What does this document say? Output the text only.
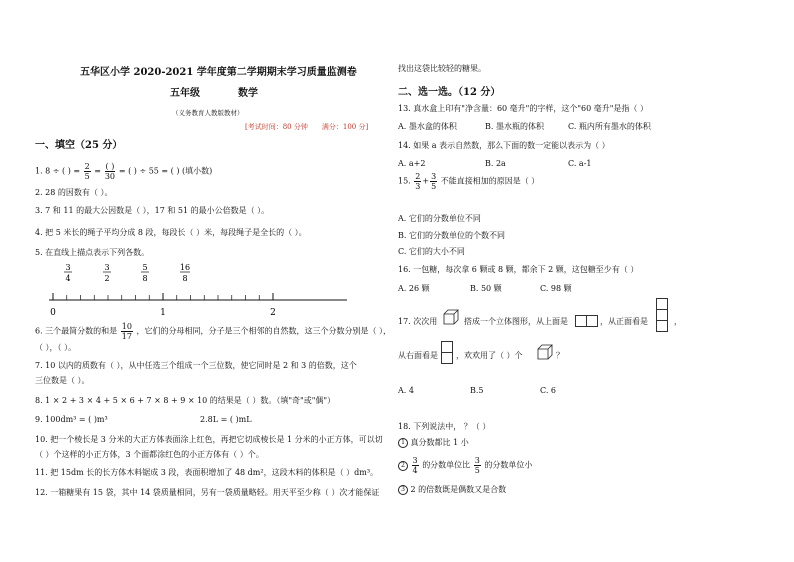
五华区小学 2020-2021 学年度第二学期期末学习质量监测卷
五年级	数学
（义务教育人教版教材）
[考试时间：80 分钟　　满分：100 分]
一、填空（25 分）
1. 8 ÷ ( ) = $\frac{2}{5} = \frac{( )}{30}$ = ( ) ÷ 55 = ( ) (填小数)
2. 28 的因数有（ ）。
3. 7 和 11 的最大公因数是（ ），17 和 51 的最小公倍数是（ ）。
4. 把 5 米长的绳子平均分成 8 段，每段长（ ）米，每段绳子是全长的（ ）。
5. 在直线上描点表示下列各数。
3
4
3
2
5
8
16
8
0	1	2
6. 三个最简分数的和是 $\frac{10}{17}$ ，它们的分母相同，分子是三个相邻的自然数，这三个分数分别是（ ），
（ ），（ ）。
7. 10 以内的质数有（ ），从中任选三个组成一个三位数，使它同时是 2 和 3 的倍数，这个
三位数是（ ）。
8. 1 × 2 + 3 × 4 + 5 × 6 + 7 × 8 + 9 × 10 的结果是（ ）数。（填"奇"或"偶"）
9. 100dm³ = ( )m³	2.8L = ( )mL
10. 把一个棱长是 3 分米的大正方体表面涂上红色，再把它切成棱长是 1 分米的小正方体，可以切
（ ）个这样的小正方体，3 个面都涂红色的小正方体有（ ）个。
11. 把 15dm 长的长方体木料锯成 3 段，表面积增加了 48 dm²，这段木料的体积是（ ）dm³。
12. 一箱糖果有 15 袋，其中 14 袋质量相同，另有一袋质量略轻。用天平至少称（ ）次才能保证
找出这袋比较轻的糖果。
二、选一选。（12 分）
13. 真水盒上印有"净含量：60 毫升"的字样，这个"60 毫升"是指（ ）
A. 墨水盒的体积	B. 墨水瓶的体积	C. 瓶内所有墨水的体积
14. 如果 a 表示自然数，那么下面的数一定能以表示为（ ）
A. a+2	B. 2a	C. a-1
15. $\frac{2}{3} + \frac{3}{5}$ 不能直接相加的原因是（ ）
A. 它们的分数单位不同
B. 它们的分数单位的个数不同
C. 它们的大小不同
16. 一包糖，每次拿 6 颗或 8 颗，都余下 2 颗，这包糖至少有（ ）
A. 26 颗	B. 50 颗	C. 98 颗
17. 次次用	搭成一个立体图形，从上面是	，从正面看是	，
从右面看是 ，欢欢用了（ ）个	？
A. 4	B.5	C. 6
18. 下列说法中， ？（ ）
1 真分数都比 1 小
$2 \frac{3}{4}$ 的分数单位比 $\frac{3}{5}$ 的分数单位小
3 2 的倍数既是偶数又是合数
